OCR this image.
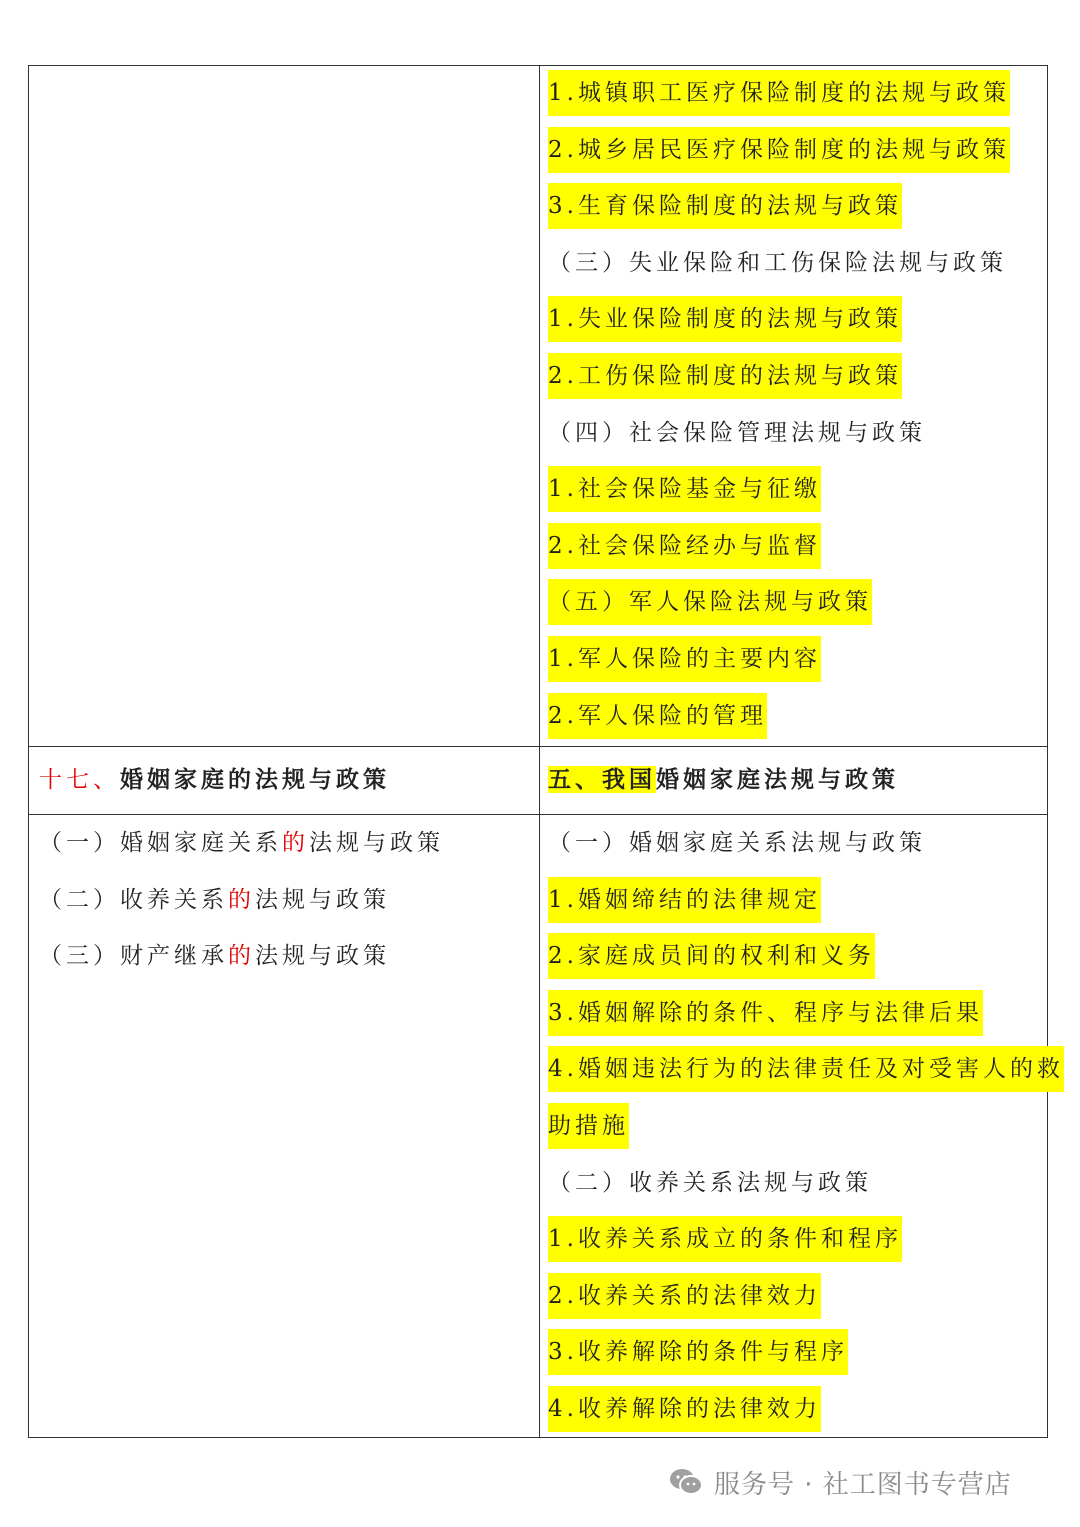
1.城镇职工医疗保险制度的法规与政策
2.城乡居民医疗保险制度的法规与政策
3.生育保险制度的法规与政策
（三）失业保险和工伤保险法规与政策
1.失业保险制度的法规与政策
2.工伤保险制度的法规与政策
（四）社会保险管理法规与政策
1.社会保险基金与征缴
2.社会保险经办与监督
（五）军人保险法规与政策
1.军人保险的主要内容
2.军人保险的管理
十七、婚姻家庭的法规与政策	五、我国婚姻家庭法规与政策
（一）婚姻家庭关系的法规与政策
（二）收养关系的法规与政策
（三）财产继承的法规与政策
（一）婚姻家庭关系法规与政策
1.婚姻缔结的法律规定
2.家庭成员间的权利和义务
3.婚姻解除的条件、程序与法律后果
4.婚姻违法行为的法律责任及对受害人的救
助措施
（二）收养关系法规与政策
1.收养关系成立的条件和程序
2.收养关系的法律效力
3.收养解除的条件与程序
4.收养解除的法律效力
服务号 · 社工图书专营店
